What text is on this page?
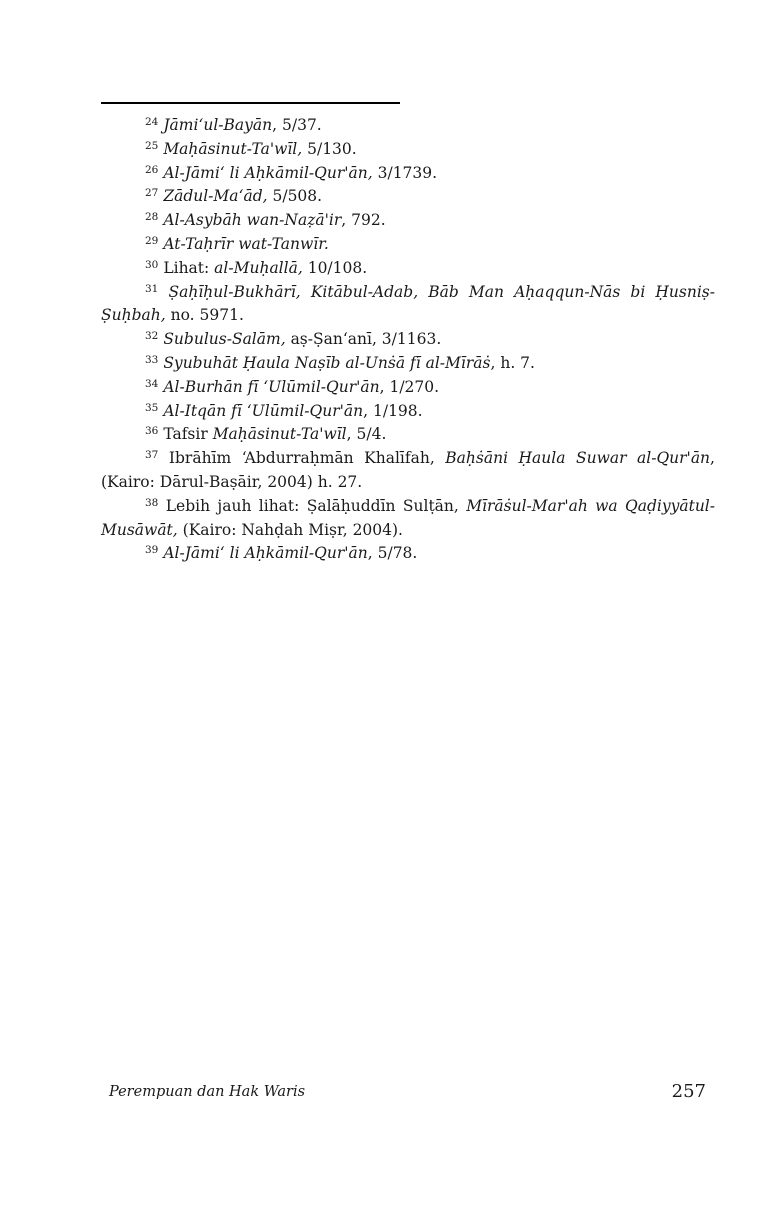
$^{24}$ Jāmi‘ul-Bayān, 5/37.

$^{25}$ Maḥāsinut-Ta'wīl, 5/130.

$^{26}$ Al-Jāmi‘ li Aḥkāmil-Qur'ān, 3/1739.

$^{27}$ Zādul-Ma‘ād, 5/508.

$^{28}$ Al-Asybāh wan-Naẓā'ir, 792.

$^{29}$ At-Taḥrīr wat-Tanwīr.

$^{30}$ Lihat: al-Muḥallā, 10/108.

$^{31}$ Ṣaḥīḥul-Bukhārī, Kitābul-Adab, Bāb Man Aḥaqqun-Nās bi Ḥusniṣ-Ṣuḥbah, no. 5971.

$^{32}$ Subulus-Salām, aṣ-Ṣan‘anī, 3/1163.

$^{33}$ Syubuhāt Ḥaula Naṣīb al-Unṡā fī al-Mīrāṡ, h. 7.

$^{34}$ Al-Burhān fī ‘Ulūmil-Qur'ān, 1/270.

$^{35}$ Al-Itqān fī ‘Ulūmil-Qur'ān, 1/198.

$^{36}$ Tafsir Maḥāsinut-Ta'wīl, 5/4.

$^{37}$ Ibrāhīm ‘Abdurraḥmān Khalīfah, Baḥṡāni Ḥaula Suwar al-Qur'ān, (Kairo: Dārul-Baṣāir, 2004) h. 27.

$^{38}$ Lebih jauh lihat: Ṣalāḥuddīn Sulṭān, Mīrāṡul-Mar'ah wa Qaḍiyyātul-Musāwāt, (Kairo: Nahḍah Miṣr, 2004).

$^{39}$ Al-Jāmi‘ li Aḥkāmil-Qur'ān, 5/78.

Perempuan dan Hak Waris	257
